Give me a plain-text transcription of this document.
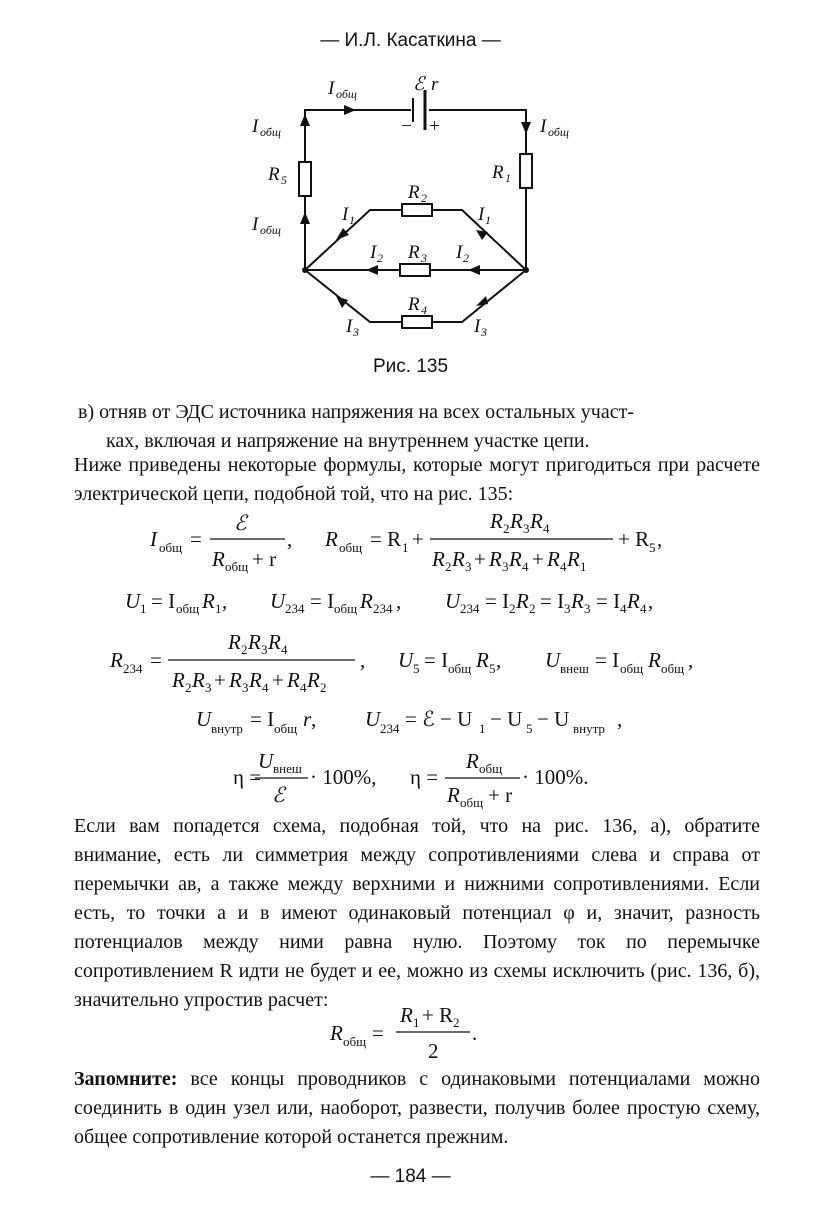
— И.Л. Касаткина —
ℰ r
− +
I общ
I общ
I общ
I общ
R 5	R 1
R 2
R 3
R 4
I 1	I 1
I 2	I 2
I 3	I 3
Рис. 135
в) отняв от ЭДС источника напряжения на всех остальных участ-
ках, включая и напряжение на внутреннем участке цепи.
Ниже приведены некоторые формулы, которые могут пригодиться при расчете электрической цепи, подобной той, что на рис. 135:
I общ =
ℰ
R общ + r
, R общ = R 1 +
R 2 R 3 R 4
R 2 R 3 + R 3 R 4 + R 4 R 1
+ R 5 ,
U 1 = I общ R 1 , U 234 = I общ R 234 , U 234 = I 2 R 2 = I 3 R 3 = I 4 R 4 ,
R 234 =
R 2 R 3 R 4
R 2 R 3 + R 3 R 4 + R 4 R 2
, U 5 = I общ R 5 , U внеш = I общ R общ ,
U внутр = I общ r , U 234 = ℰ − U 1 − U 5 − U внутр ,
η =
U внеш
ℰ
· 100%, η =
R общ
R общ + r
· 100%.
R общ =
R 1 + R 2
2
.
Если вам попадется схема, подобная той, что на рис. 136, а), обратите внимание, есть ли симметрия между сопротивлениями слева и справа от перемычки ав, а также между верхними и нижними сопротивлениями. Если есть, то точки а и в имеют одинаковый потенциал φ и, значит, разность потенциалов между ними равна нулю. Поэтому ток по перемычке сопротивлением R идти не будет и ее, можно из схемы исключить (рис. 136, б), значительно упростив расчет:
Запомните: все концы проводников с одинаковыми потенциалами можно соединить в один узел или, наоборот, развести, получив более простую схему, общее сопротивление которой останется прежним.
— 184 —
